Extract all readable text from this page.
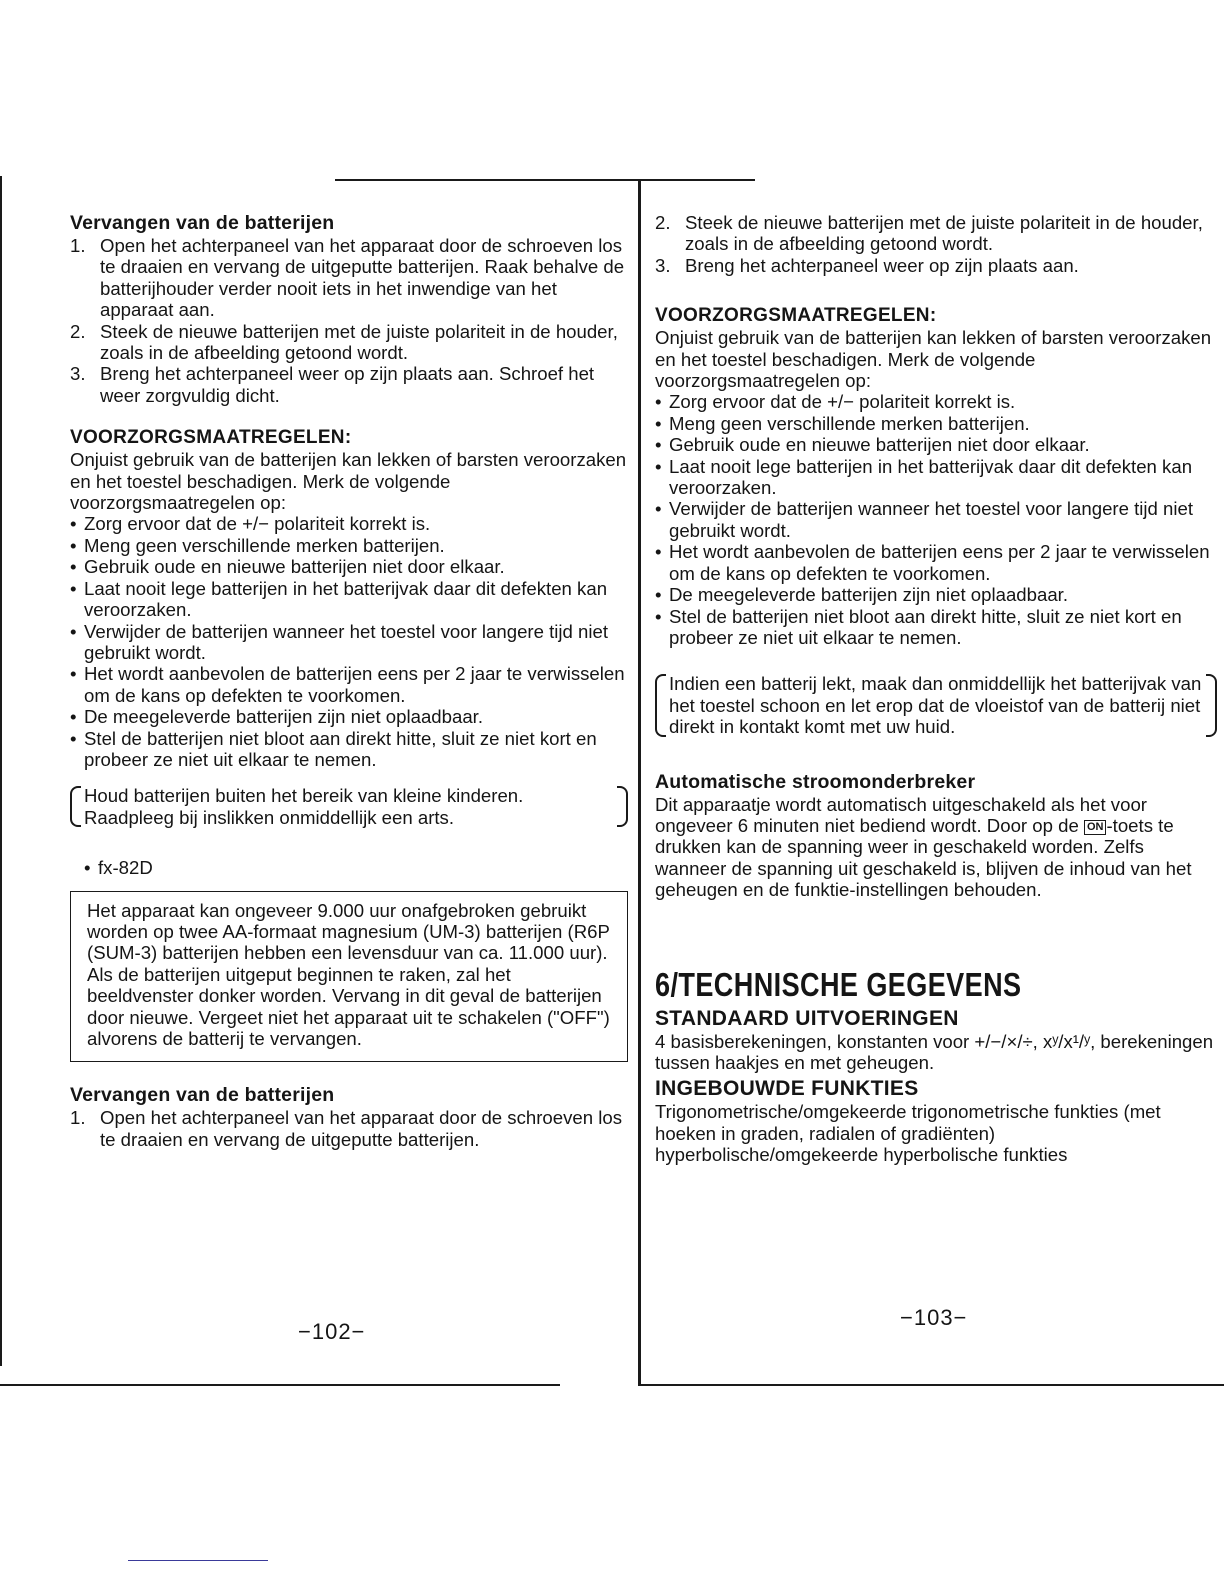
Vervangen van de batterijen
1. Open het achterpaneel van het apparaat door de schroeven los te draaien en vervang de uitgeputte batterijen. Raak behalve de batterijhouder verder nooit iets in het inwendige van het apparaat aan.
2. Steek de nieuwe batterijen met de juiste polariteit in de houder, zoals in de afbeelding getoond wordt.
3. Breng het achterpaneel weer op zijn plaats aan. Schroef het weer zorgvuldig dicht.

VOORZORGSMAATREGELEN:

Onjuist gebruik van de batterijen kan lekken of barsten veroorzaken en het toestel beschadigen. Merk de volgende voorzorgsmaatregelen op:

• Zorg ervoor dat de +/− polariteit korrekt is.
• Meng geen verschillende merken batterijen.
• Gebruik oude en nieuwe batterijen niet door elkaar.
• Laat nooit lege batterijen in het batterijvak daar dit defekten kan veroorzaken.
• Verwijder de batterijen wanneer het toestel voor langere tijd niet gebruikt wordt.
• Het wordt aanbevolen de batterijen eens per 2 jaar te verwisselen om de kans op defekten te voorkomen.
• De meegeleverde batterijen zijn niet oplaadbaar.
• Stel de batterijen niet bloot aan direkt hitte, sluit ze niet kort en probeer ze niet uit elkaar te nemen.

Houd batterijen buiten het bereik van kleine kinderen. Raadpleeg bij inslikken onmiddellijk een arts.

• fx-82D

Het apparaat kan ongeveer 9.000 uur onafgebroken gebruikt worden op twee AA-formaat magnesium (UM-3) batterijen (R6P (SUM-3) batterijen hebben een levensduur van ca. 11.000 uur). Als de batterijen uitgeput beginnen te raken, zal het beeldvenster donker worden. Vervang in dit geval de batterijen door nieuwe. Vergeet niet het apparaat uit te schakelen ("OFF") alvorens de batterij te vervangen.

Vervangen van de batterijen
1. Open het achterpaneel van het apparaat door de schroeven los te draaien en vervang de uitgeputte batterijen.
−102−
2. Steek de nieuwe batterijen met de juiste polariteit in de houder, zoals in de afbeelding getoond wordt.
3. Breng het achterpaneel weer op zijn plaats aan.

VOORZORGSMAATREGELEN:

Onjuist gebruik van de batterijen kan lekken of barsten veroorzaken en het toestel beschadigen. Merk de volgende voorzorgsmaatregelen op:

• Zorg ervoor dat de +/− polariteit korrekt is.
• Meng geen verschillende merken batterijen.
• Gebruik oude en nieuwe batterijen niet door elkaar.
• Laat nooit lege batterijen in het batterijvak daar dit defekten kan veroorzaken.
• Verwijder de batterijen wanneer het toestel voor langere tijd niet gebruikt wordt.
• Het wordt aanbevolen de batterijen eens per 2 jaar te verwisselen om de kans op defekten te voorkomen.
• De meegeleverde batterijen zijn niet oplaadbaar.
• Stel de batterijen niet bloot aan direkt hitte, sluit ze niet kort en probeer ze niet uit elkaar te nemen.

Indien een batterij lekt, maak dan onmiddellijk het batterijvak van het toestel schoon en let erop dat de vloeistof van de batterij niet direkt in kontakt komt met uw huid.

Automatische stroomonderbreker

Dit apparaatje wordt automatisch uitgeschakeld als het voor ongeveer 6 minuten niet bediend wordt. Door op de ON -toets te drukken kan de spanning weer in geschakeld worden. Zelfs wanneer de spanning uit geschakeld is, blijven de inhoud van het geheugen en de funktie-instellingen behouden.

6/TECHNISCHE GEGEVENS

STANDAARD UITVOERINGEN

4 basisberekeningen, konstanten voor +/−/×/÷, xʸ/x¹/ʸ, berekeningen tussen haakjes en met geheugen.

INGEBOUWDE FUNKTIES

Trigonometrische/omgekeerde trigonometrische funkties (met hoeken in graden, radialen of gradiënten) hyperbolische/omgekeerde hyperbolische funkties

−103−
